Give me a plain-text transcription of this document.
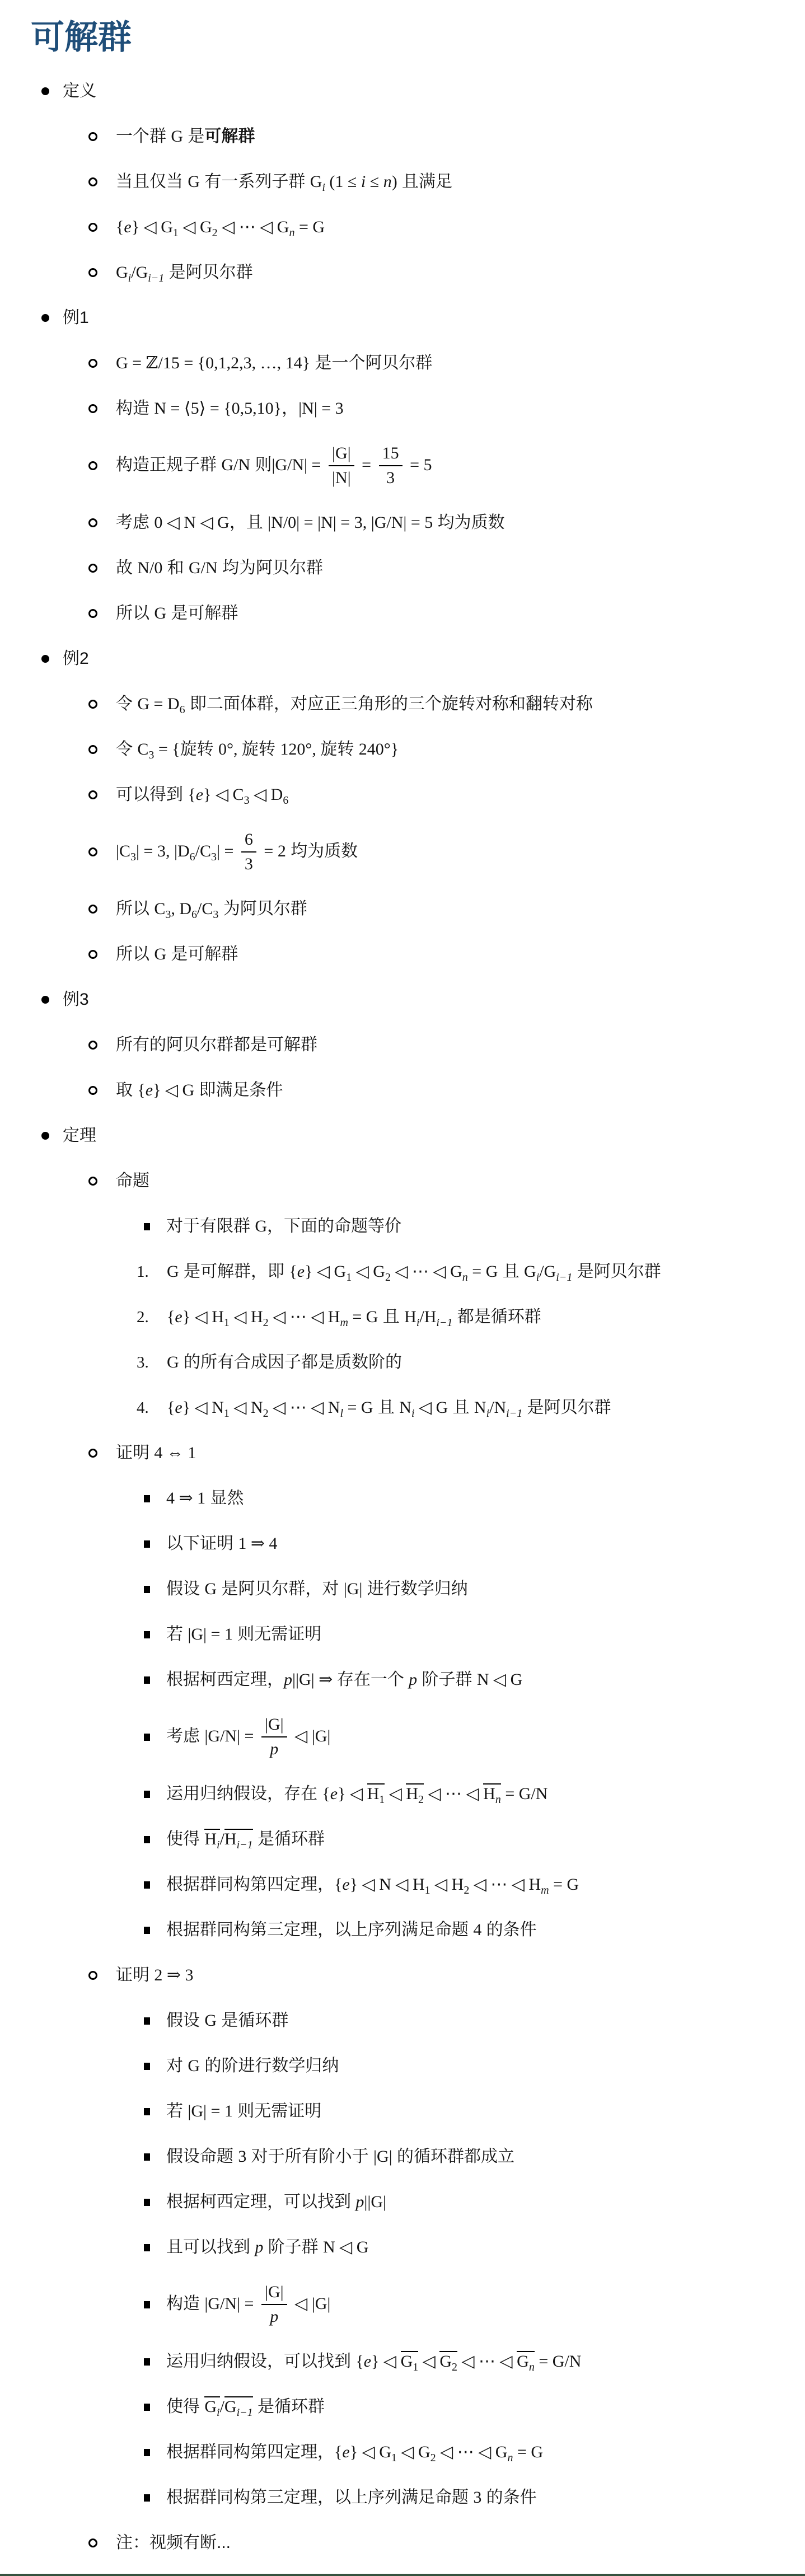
可解群
定义
一个群 G 是可解群
当且仅当 G 有一系列子群 $G_i$ (1 ≤ i ≤ n) 且满足
{e} ◁ $G_1$ ◁ $G_2$ ◁ ⋯ ◁ $G_n = G$
$G_i/G_{i-1}$ 是阿贝尔群
例1
G = ℤ/15 = {0,1,2,3, …, 14} 是一个阿贝尔群
构造 N = ⟨5⟩ = {0,5,10}，|N| = 3
构造正规子群 G/N 则$|G/N| = \frac{|G|}{|N|} = \frac{15}{3} = 5$
考虑 0 ◁ N ◁ G，且 |N/0| = |N| = 3, |G/N| = 5 均为质数
故 N/0 和 G/N 均为阿贝尔群
所以 G 是可解群
例2
令 $G = D_6$ 即二面体群，对应正三角形的三个旋转对称和翻转对称
令 $C_3$ = {旋转 0°, 旋转 120°, 旋转 240°}
可以得到 {e} ◁ $C_3$ ◁ $D_6$
$|C_3| = 3$, $|D_6/C_3| = \frac{6}{3} = 2$ 均为质数
所以 $C_3$, $D_6/C_3$ 为阿贝尔群
所以 G 是可解群
例3
所有的阿贝尔群都是可解群
取 {e} ◁ G 即满足条件
定理
命题
对于有限群 G，下面的命题等价
1. G 是可解群，即 {e} ◁ $G_1$ ◁ $G_2$ ◁ ⋯ ◁ $G_n = G$ 且 $G_i/G_{i-1}$ 是阿贝尔群
2. {e} ◁ $H_1$ ◁ $H_2$ ◁ ⋯ ◁ $H_m = G$ 且 $H_i/H_{i-1}$ 都是循环群
3. G 的所有合成因子都是质数阶的
4. {e} ◁ $N_1$ ◁ $N_2$ ◁ ⋯ ◁ $N_l = G$ 且 $N_i$ ◁ G 且 $N_i/N_{i-1}$ 是阿贝尔群
证明 4 ⇔ 1
4 ⇒ 1 显然
以下证明 1 ⇒ 4
假设 G 是阿贝尔群，对 |G| 进行数学归纳
若 |G| = 1 则无需证明
根据柯西定理，p||G| ⇒ 存在一个 p 阶子群 N ◁ G
考虑 $|G/N| = \frac{|G|}{p}$ ◁ |G|
运用归纳假设，存在 {e} ◁ $H_1$ ◁ $H_2$ ◁ ⋯ ◁ $H_n = G/N$
使得 $H_i/H_{i-1}$ 是循环群
根据群同构第四定理，{e} ◁ N ◁ $H_1$ ◁ $H_2$ ◁ ⋯ ◁ $H_m = G$
根据群同构第三定理，以上序列满足命题 4 的条件
证明 2 ⇒ 3
假设 G 是循环群
对 G 的阶进行数学归纳
若 |G| = 1 则无需证明
假设命题 3 对于所有阶小于 |G| 的循环群都成立
根据柯西定理，可以找到 p||G|
且可以找到 p 阶子群 N ◁ G
构造 $|G/N| = \frac{|G|}{p}$ ◁ |G|
运用归纳假设，可以找到 {e} ◁ $G_1$ ◁ $G_2$ ◁ ⋯ ◁ $G_n = G/N$
使得 $G_i/G_{i-1}$ 是循环群
根据群同构第四定理，{e} ◁ $G_1$ ◁ $G_2$ ◁ ⋯ ◁ $G_n = G$
根据群同构第三定理，以上序列满足命题 3 的条件
注：视频有断...
